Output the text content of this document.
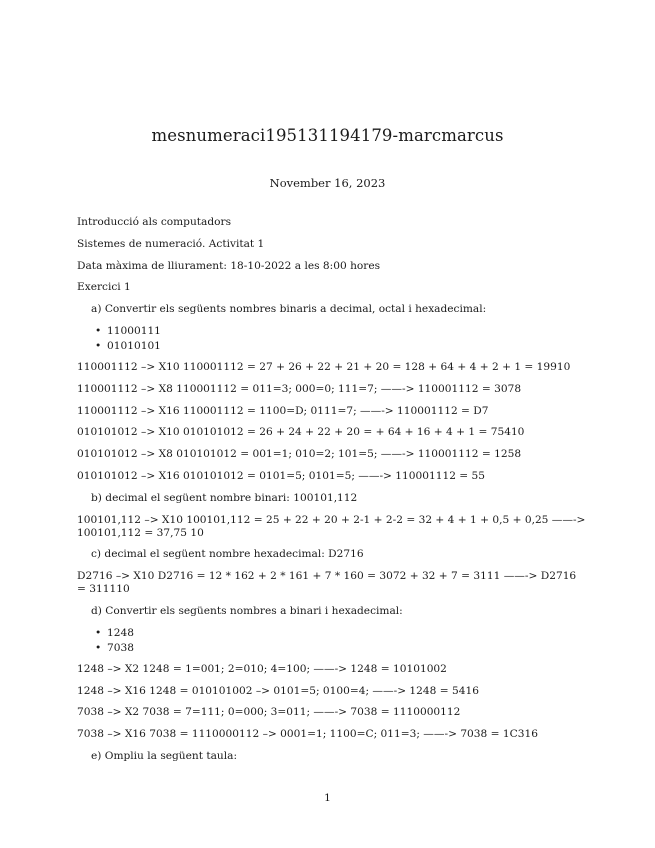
mesnumeraci195131194179-marcmarcus
November 16, 2023

Introducció als computadors

Sistemes de numeració. Activitat 1

Data màxima de lliurament: 18-10-2022 a les 8:00 hores

Exercici 1

a) Convertir els següents nombres binaris a decimal, octal i hexadecimal:

• 11000111
• 01010101

110001112 –> X10 110001112 = 27 + 26 + 22 + 21 + 20 = 128 + 64 + 4 + 2 + 1 = 19910

110001112 –> X8 110001112 = 011=3; 000=0; 111=7; ——-> 110001112 = 3078

110001112 –> X16 110001112 = 1100=D; 0111=7; ——-> 110001112 = D7

010101012 –> X10 010101012 = 26 + 24 + 22 + 20 = + 64 + 16 + 4 + 1 = 75410

010101012 –> X8 010101012 = 001=1; 010=2; 101=5; ——-> 110001112 = 1258

010101012 –> X16 010101012 = 0101=5; 0101=5; ——-> 110001112 = 55

b) decimal el següent nombre binari: 100101,112

100101,112 –> X10 100101,112 = 25 + 22 + 20 + 2-1 + 2-2 = 32 + 4 + 1 + 0,5 + 0,25 ——-> 100101,112 = 37,75 10

c) decimal el següent nombre hexadecimal: D2716

D2716 –> X10 D2716 = 12 * 162 + 2 * 161 + 7 * 160 = 3072 + 32 + 7 = 3111 ——-> D2716 = 311110

d) Convertir els següents nombres a binari i hexadecimal:

• 1248
• 7038

1248 –> X2 1248 = 1=001; 2=010; 4=100; ——-> 1248 = 10101002

1248 –> X16 1248 = 010101002 –> 0101=5; 0100=4; ——-> 1248 = 5416

7038 –> X2 7038 = 7=111; 0=000; 3=011; ——-> 7038 = 1110000112

7038 –> X16 7038 = 1110000112 –> 0001=1; 1100=C; 011=3; ——-> 7038 = 1C316

e) Ompliu la següent taula:

1
